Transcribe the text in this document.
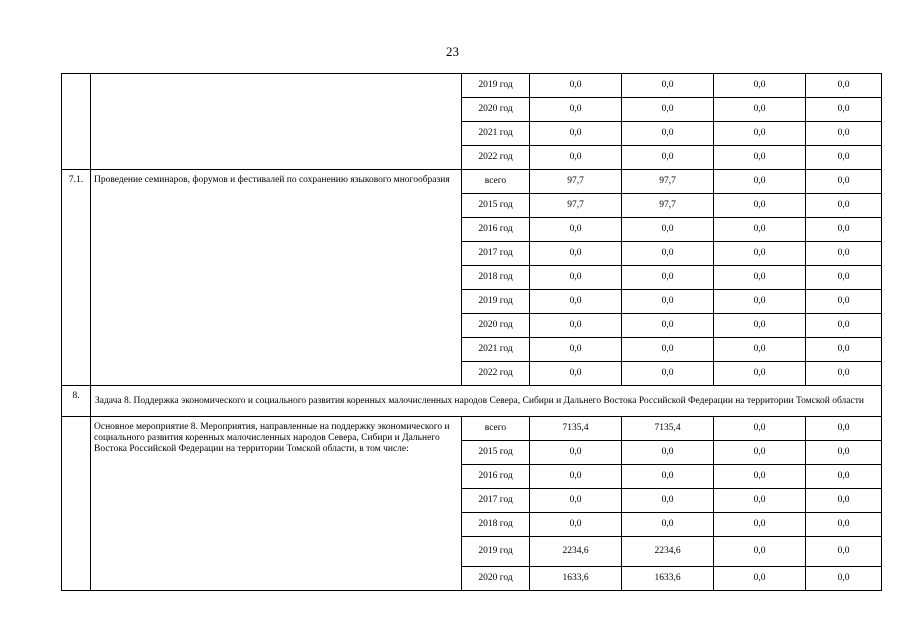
23
		2019 год	0,0	0,0	0,0	0,0
		2020 год	0,0	0,0	0,0	0,0
		2021 год	0,0	0,0	0,0	0,0
		2022 год	0,0	0,0	0,0	0,0
7.1.	Проведение семинаров, форумов и фестивалей по сохранению языкового многообразия	всего	97,7	97,7	0,0	0,0
		2015 год	97,7	97,7	0,0	0,0
		2016 год	0,0	0,0	0,0	0,0
		2017 год	0,0	0,0	0,0	0,0
		2018 год	0,0	0,0	0,0	0,0
		2019 год	0,0	0,0	0,0	0,0
		2020 год	0,0	0,0	0,0	0,0
		2021 год	0,0	0,0	0,0	0,0
		2022 год	0,0	0,0	0,0	0,0
8.	Задача 8. Поддержка экономического и социального развития коренных малочисленных народов Севера, Сибири и Дальнего Востока Российской Федерации на территории Томской области					
	Основное мероприятие 8. Мероприятия, направленные на поддержку экономического и социального развития коренных малочисленных народов Севера, Сибири и Дальнего Востока Российской Федерации на территории Томской области, в том числе:	всего	7135,4	7135,4	0,0	0,0
		2015 год	0,0	0,0	0,0	0,0
		2016 год	0,0	0,0	0,0	0,0
		2017 год	0,0	0,0	0,0	0,0
		2018 год	0,0	0,0	0,0	0,0
		2019 год	2234,6	2234,6	0,0	0,0
		2020 год	1633,6	1633,6	0,0	0,0
